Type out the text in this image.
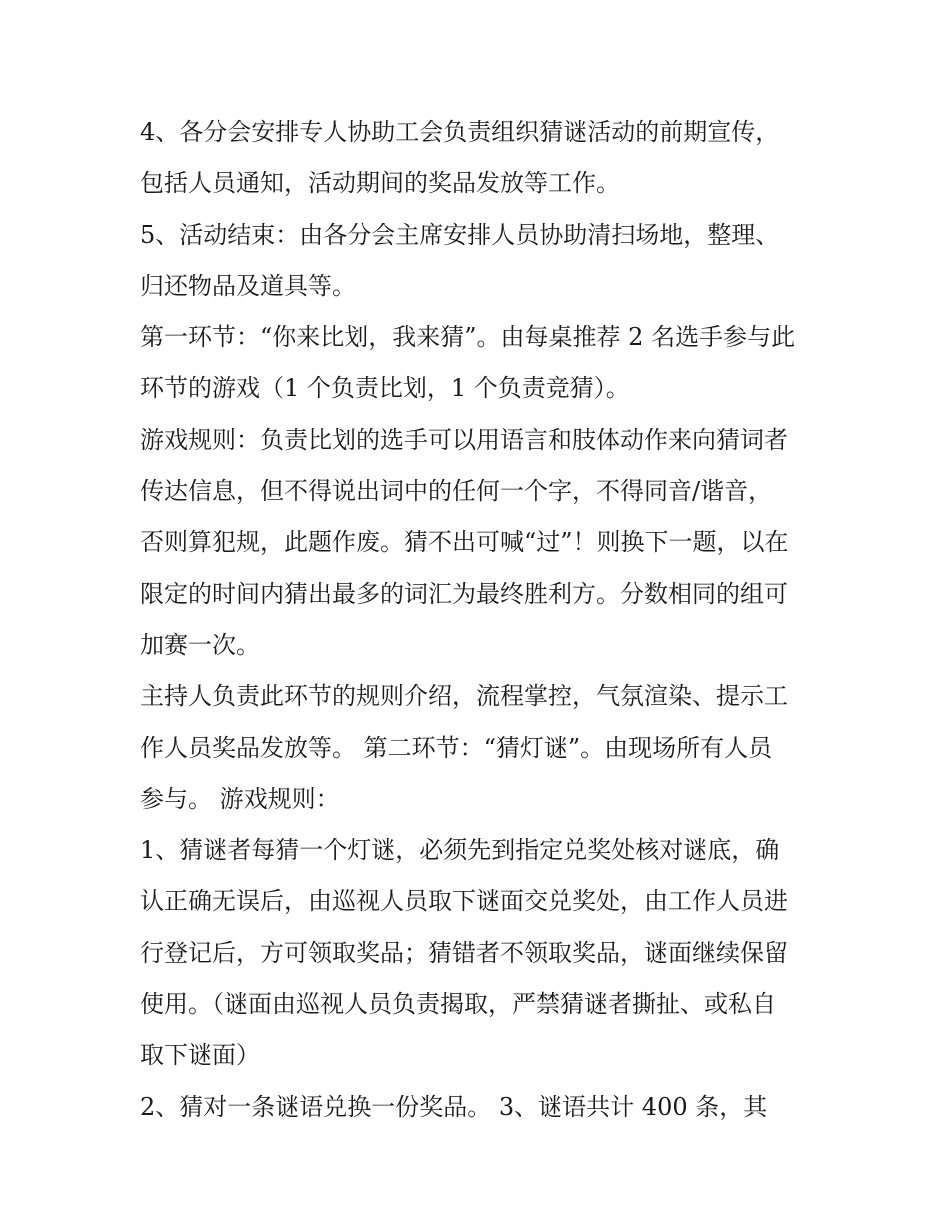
4、各分会安排专人协助工会负责组织猜谜活动的前期宣传，
包括人员通知，活动期间的奖品发放等工作。
5、活动结束：由各分会主席安排人员协助清扫场地，整理、
归还物品及道具等。
第一环节：“你来比划，我来猜”。由每桌推荐 2 名选手参与此
环节的游戏（1 个负责比划，1 个负责竞猜）。
游戏规则：负责比划的选手可以用语言和肢体动作来向猜词者
传达信息，但不得说出词中的任何一个字，不得同音/谐音，
否则算犯规，此题作废。猜不出可喊“过”！则换下一题，以在
限定的时间内猜出最多的词汇为最终胜利方。分数相同的组可
加赛一次。
主持人负责此环节的规则介绍，流程掌控，气氛渲染、提示工
作人员奖品发放等。 第二环节：“猜灯谜”。由现场所有人员
参与。 游戏规则：
1、猜谜者每猜一个灯谜，必须先到指定兑奖处核对谜底，确
认正确无误后，由巡视人员取下谜面交兑奖处，由工作人员进
行登记后，方可领取奖品；猜错者不领取奖品，谜面继续保留
使用。（谜面由巡视人员负责揭取，严禁猜谜者撕扯、或私自
取下谜面）
2、猜对一条谜语兑换一份奖品。 3、谜语共计 400 条，其
